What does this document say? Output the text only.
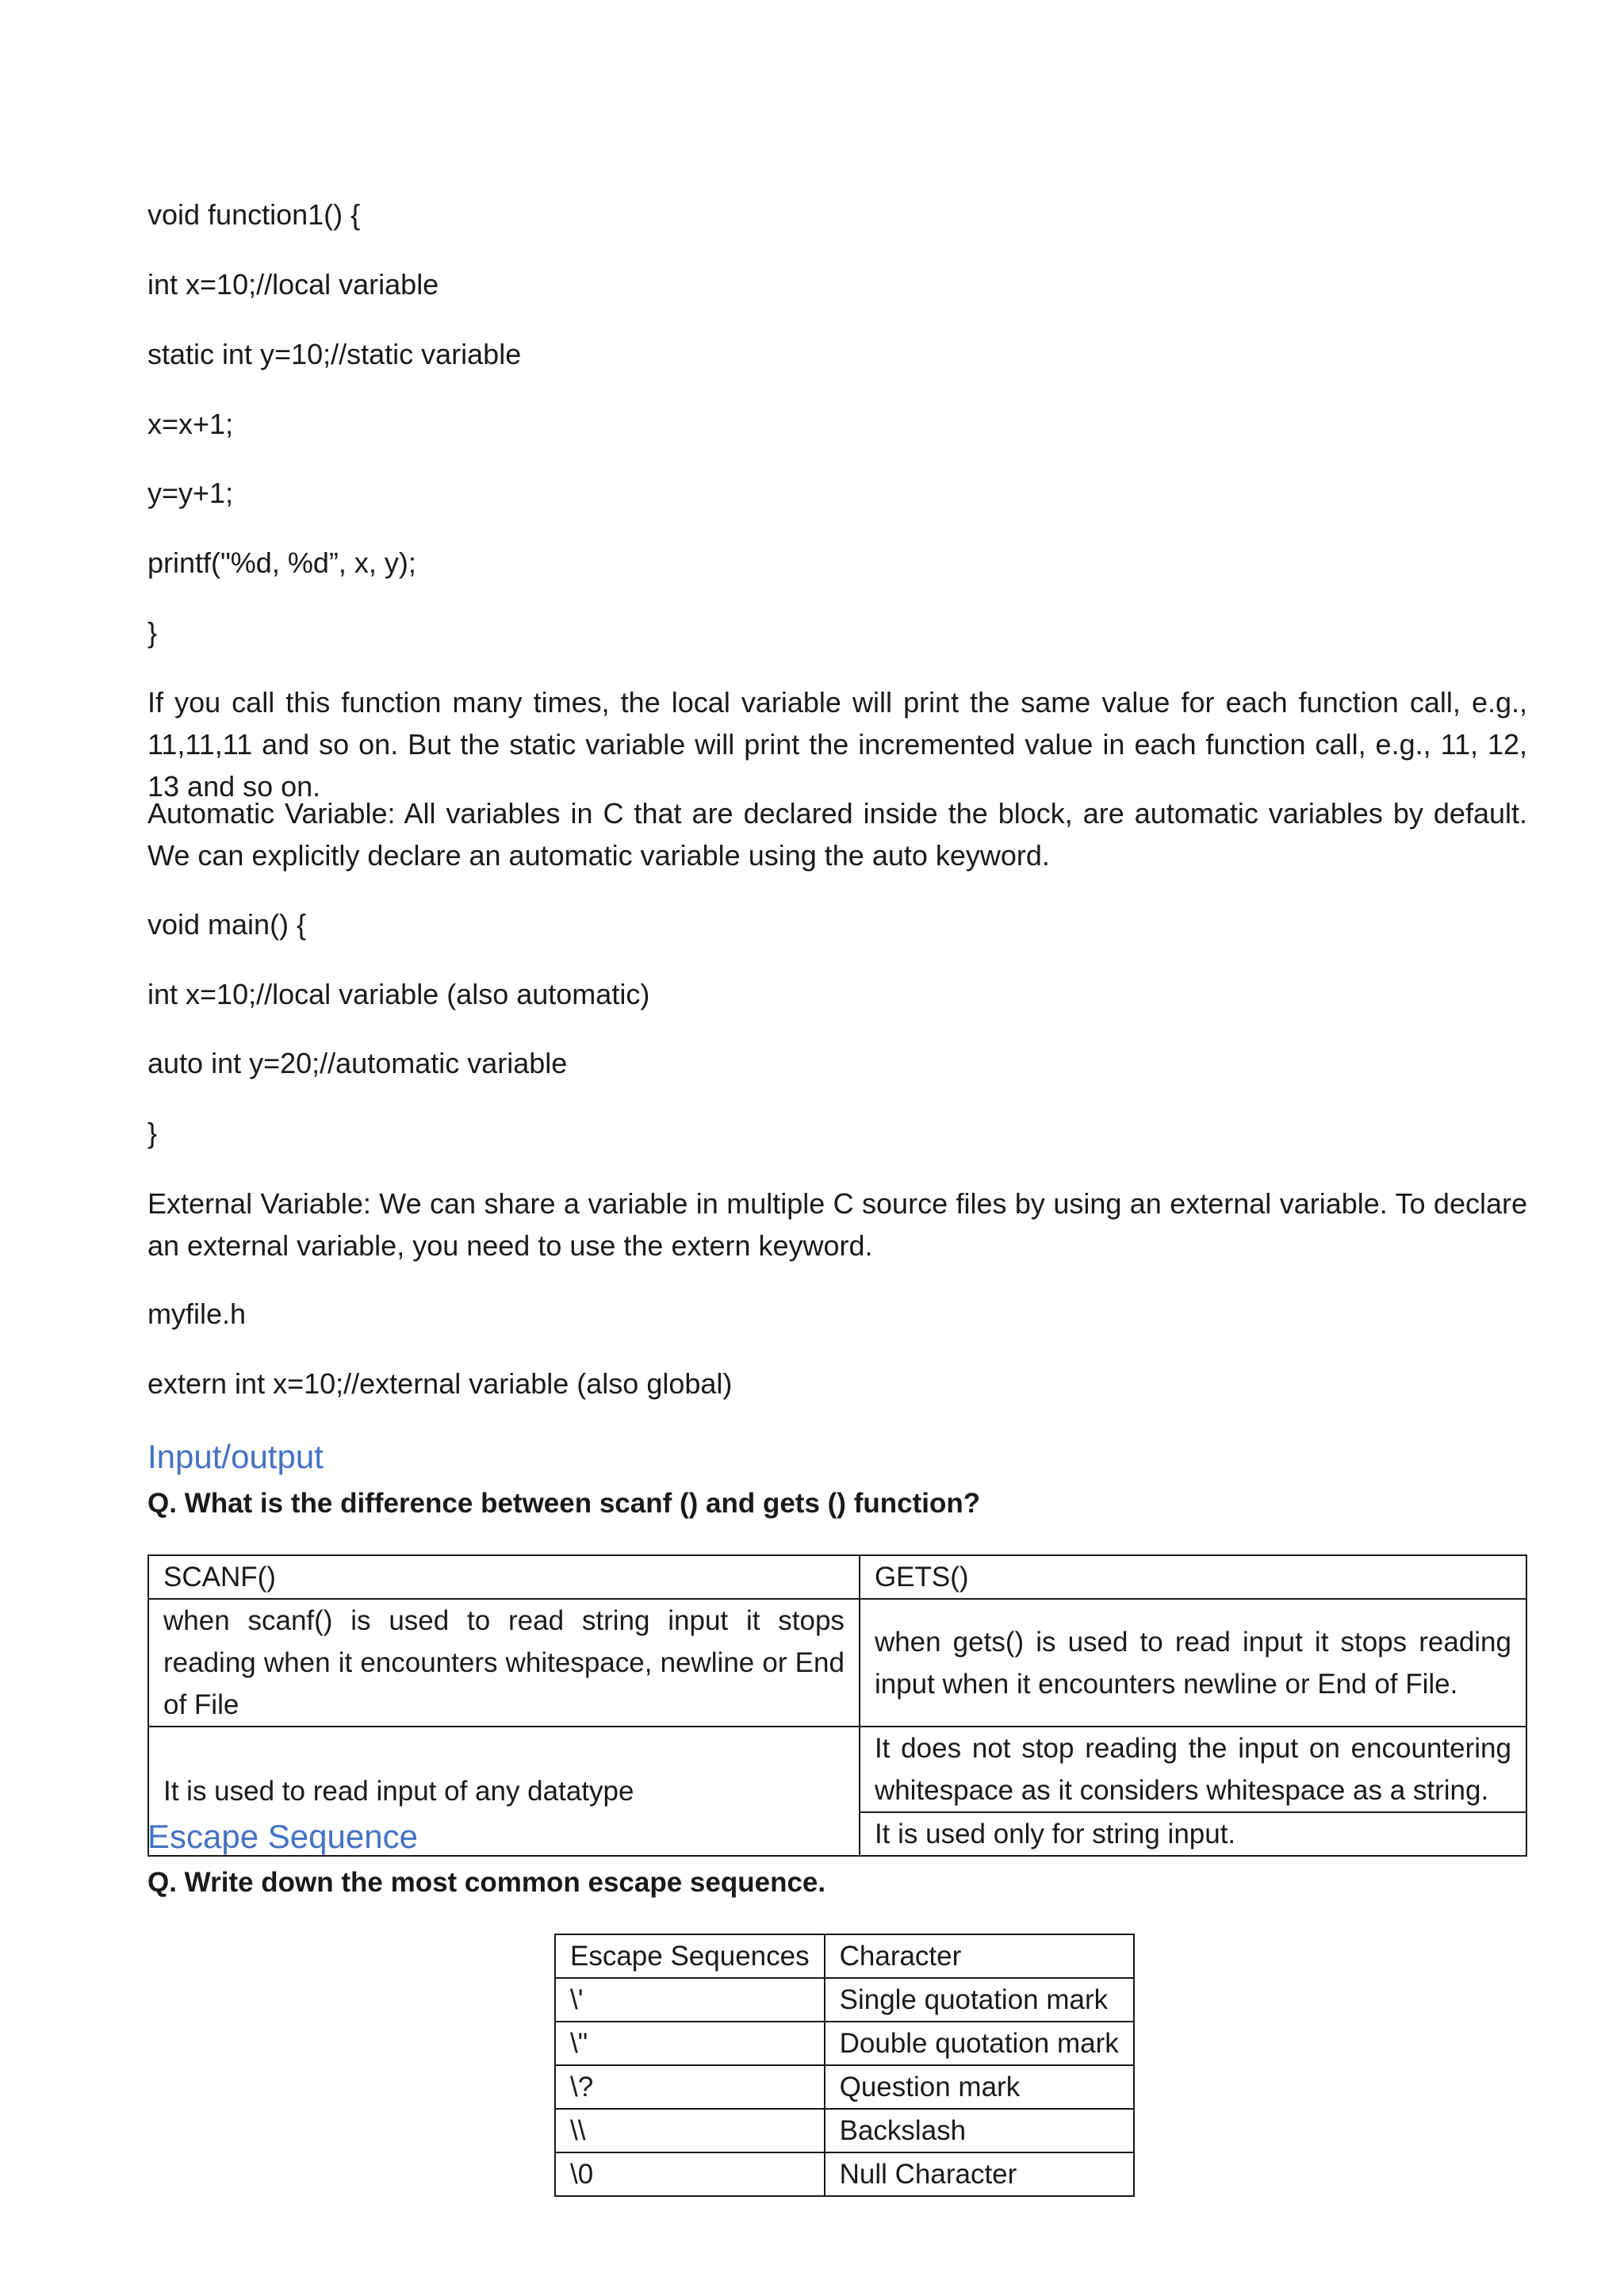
void function1() {
int x=10;//local variable
static int y=10;//static variable
x=x+1;
y=y+1;
printf("%d, %d”, x, y);
}
If you call this function many times, the local variable will print the same value for each function call, e.g., 11,11,11 and so on. But the static variable will print the incremented value in each function call, e.g., 11, 12, 13 and so on.
Automatic Variable: All variables in C that are declared inside the block, are automatic variables by default. We can explicitly declare an automatic variable using the auto keyword.
void main() {
int x=10;//local variable (also automatic)
auto int y=20;//automatic variable
}
External Variable: We can share a variable in multiple C source files by using an external variable. To declare an external variable, you need to use the extern keyword.
myfile.h
extern int x=10;//external variable (also global)
Input/output
Q. What is the difference between scanf () and gets () function?
SCANF()	GETS()
when scanf() is used to read string input it stops reading when it encounters whitespace, newline or End of File	when gets() is used to read input it stops reading input when it encounters newline or End of File.
It is used to read input of any datatype	It does not stop reading the input on encountering whitespace as it considers whitespace as a string.
	It is used only for string input.
Escape Sequence
Q. Write down the most common escape sequence.
Escape Sequences	Character
\'	Single quotation mark
\"	Double quotation mark
\?	Question mark
\\	Backslash
\0	Null Character
